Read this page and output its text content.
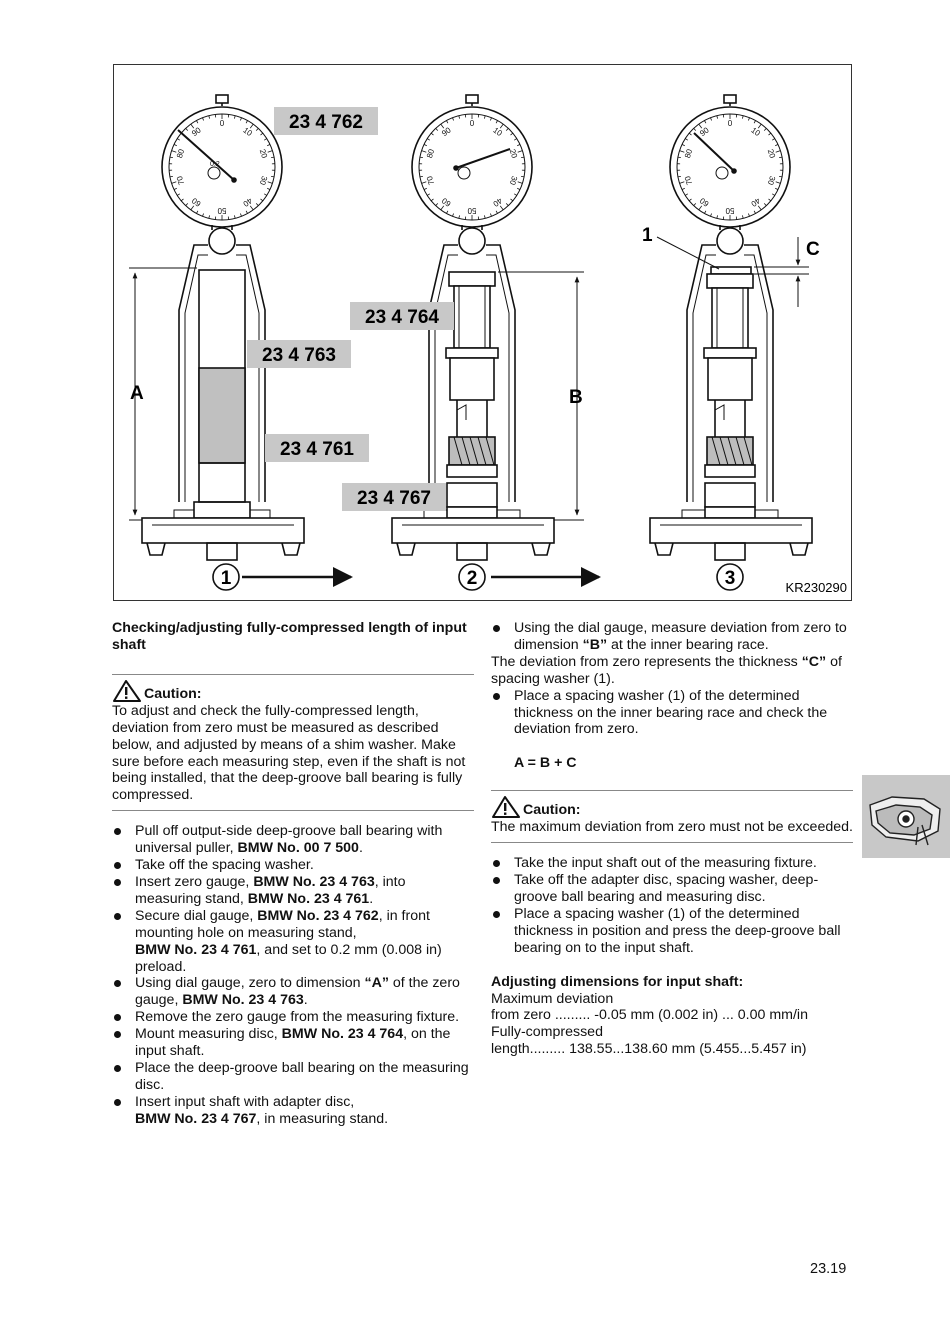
1	2	3
23 4 762
23 4 764
23 4 763
23 4 761
23 4 767
A	B
C
1
KR230290
0
10
20
30
40
50
60
70
80
90
0.2
0
10
20
30
40
50
60
70
80
90
0
10
20
30
40
50
60
70
80
90

Checking/adjusting fully-compressed length of input shaft

Caution:

To adjust and check the fully-compressed length, deviation from zero must be measured as described below, and adjusted by means of a shim washer. Make sure before each measuring step, even if the shaft is not being installed, that the deep-groove ball bearing is fully compressed.

Pull off output-side deep-groove ball bearing with universal puller, BMW No. 00 7 500.
Take off the spacing washer.
Insert zero gauge, BMW No. 23 4 763, into measuring stand, BMW No. 23 4 761.
Secure dial gauge, BMW No. 23 4 762, in front mounting hole on measuring stand,
BMW No. 23 4 761, and set to 0.2 mm (0.008 in) preload.
Using dial gauge, zero to dimension “A” of the zero gauge, BMW No. 23 4 763.
Remove the zero gauge from the measuring fixture.
Mount measuring disc, BMW No. 23 4 764, on the input shaft.
Place the deep-groove ball bearing on the measuring disc.
Insert input shaft with adapter disc,
BMW No. 23 4 767, in measuring stand.
Using the dial gauge, measure deviation from zero to dimension “B” at the inner bearing race.

The deviation from zero represents the thickness “C” of spacing washer (1).

Place a spacing washer (1) of the determined thickness on the inner bearing race and check the deviation from zero.

A = B + C

Caution:

The maximum deviation from zero must not be exceeded.

Take the input shaft out of the measuring fixture.
Take off the adapter disc, spacing washer, deep-groove ball bearing and measuring disc.
Place a spacing washer (1) of the determined thickness in position and press the deep-groove ball bearing on to the input shaft.

Adjusting dimensions for input shaft:

Maximum deviation
from zero ......... -0.05 mm (0.002 in) ... 0.00 mm/in
Fully-compressed
length......... 138.55...138.60 mm (5.455...5.457 in)
23.19
